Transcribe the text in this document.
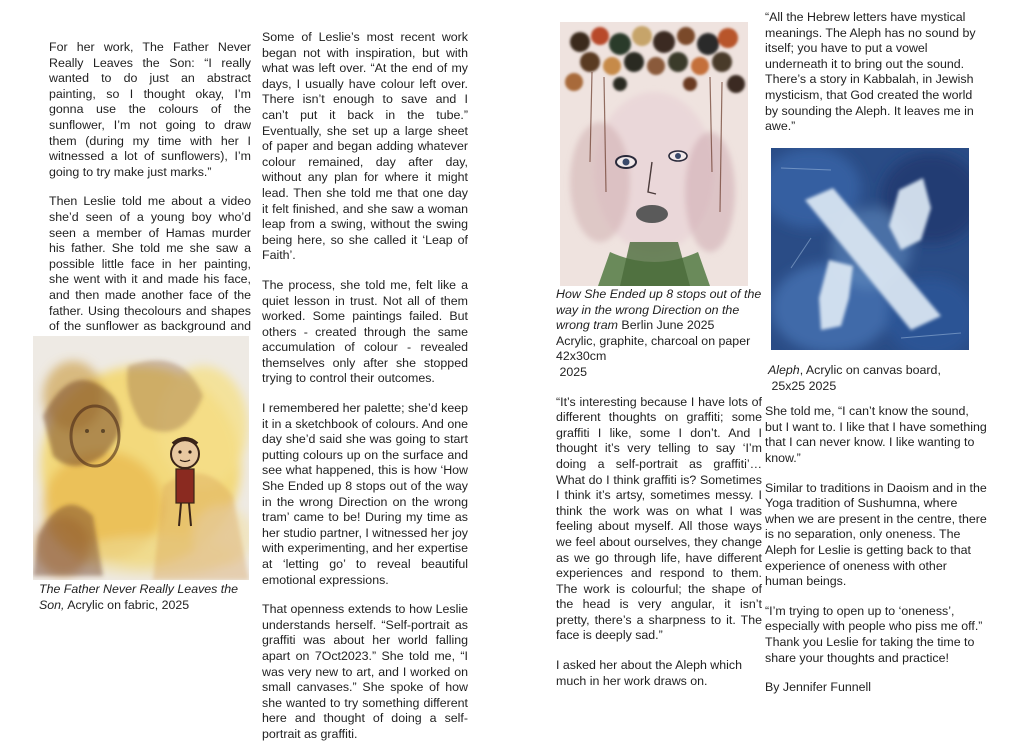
For her work, The Father Never Really Leaves the Son: “I really wanted to do just an abstract painting, so I thought okay, I’m gonna use the colours of the sunflower, I’m not going to draw them (during my time with her I witnessed a lot of sunflowers), I’m going to try make just marks.”

Then Leslie told me about a video she’d seen of a young boy who’d seen a member of Hamas murder his father. She told me she saw a possible little face in her painting, she went with it and made his face, and then made another face of the father. Using thecolours and shapes of the sunflower as background and

The Father Never Really Leaves the Son, Acrylic on fabric, 2025

Some of Leslie’s most recent work began not with inspiration, but with what was left over. “At the end of my days, I usually have colour left over. There isn’t enough to save and I can’t put it back in the tube.” Eventually, she set up a large sheet of paper and began adding whatever colour remained, day after day, without any plan for where it might lead. Then she told me that one day it felt finished, and she saw a woman leap from a swing, without the swing being here, so she called it ‘Leap of Faith’.

The process, she told me, felt like a quiet lesson in trust. Not all of them worked. Some paintings failed. But others - created through the same accumulation of colour - revealed themselves only after she stopped trying to control their outcomes.

I remembered her palette; she’d keep it in a sketchbook of colours. And one day she’d said she was going to start putting colours up on the surface and see what happened, this is how ‘How She Ended up 8 stops out of the way in the wrong Direction on the wrong tram’ came to be! During my time as her studio partner, I witnessed her joy with experimenting, and her expertise at ‘letting go’ to reveal beautiful emotional expressions.

That openness extends to how Leslie understands herself. “Self-portrait as graffiti was about her world falling apart on 7Oct2023.” She told me, “I was very new to art, and I worked on small canvases.” She spoke of how she wanted to try something different here and thought of doing a self-portrait as graffiti.

How She Ended up 8 stops out of the way in the wrong Direction on the wrong tram Berlin June 2025
Acrylic, graphite, charcoal on paper 42x30cm
2025

“It’s interesting because I have lots of different thoughts on graffiti; some graffiti I like, some I don’t. And I thought it’s very telling to say ‘I’m doing a self-portrait as graffiti’… What do I think graffiti is? Sometimes I think it’s artsy, sometimes messy. I think the work was on what I was feeling about myself. All those ways we feel about ourselves, they change as we go through life, have different experiences and respond to them. The work is colourful; the shape of the head is very angular, it isn’t pretty, there’s a sharpness to it. The face is deeply sad.”

I asked her about the Aleph which much in her work draws on.

“All the Hebrew letters have mystical meanings. The Aleph has no sound by itself; you have to put a vowel underneath it to bring out the sound. There’s a story in Kabbalah, in Jewish mysticism, that God created the world by sounding the Aleph. It leaves me in awe.”

Aleph, Acrylic on canvas board,
25x25 2025

She told me, “I can’t know the sound, but I want to. I like that I have something that I can never know. I like wanting to know.”

Similar to traditions in Daoism and in the Yoga tradition of Sushumna, where when we are present in the centre, there is no separation, only oneness. The Aleph for Leslie is getting back to that experience of oneness with other human beings.

“I’m trying to open up to ‘oneness’, especially with people who piss me off.” Thank you Leslie for taking the time to share your thoughts and practice!

By Jennifer Funnell
